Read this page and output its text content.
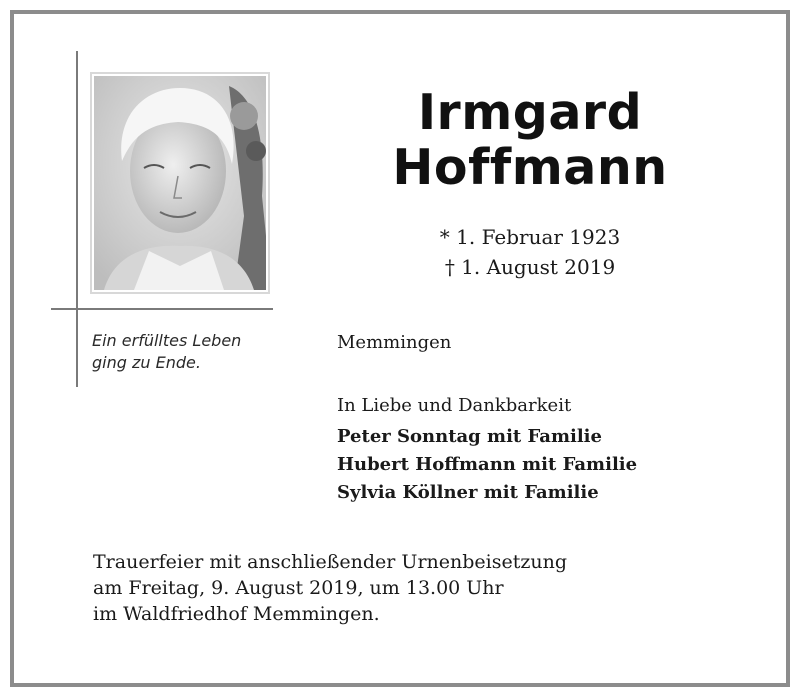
Irmgard
Hoffmann
* 1. Februar 1923
† 1. August 2019
Ein erfülltes Leben
ging zu Ende.
Memmingen
In Liebe und Dankbarkeit
Peter Sonntag mit Familie
Hubert Hoffmann mit Familie
Sylvia Köllner mit Familie
Trauerfeier mit anschließender Urnenbeisetzung
am Freitag, 9. August 2019, um 13.00 Uhr
im Waldfriedhof Memmingen.
